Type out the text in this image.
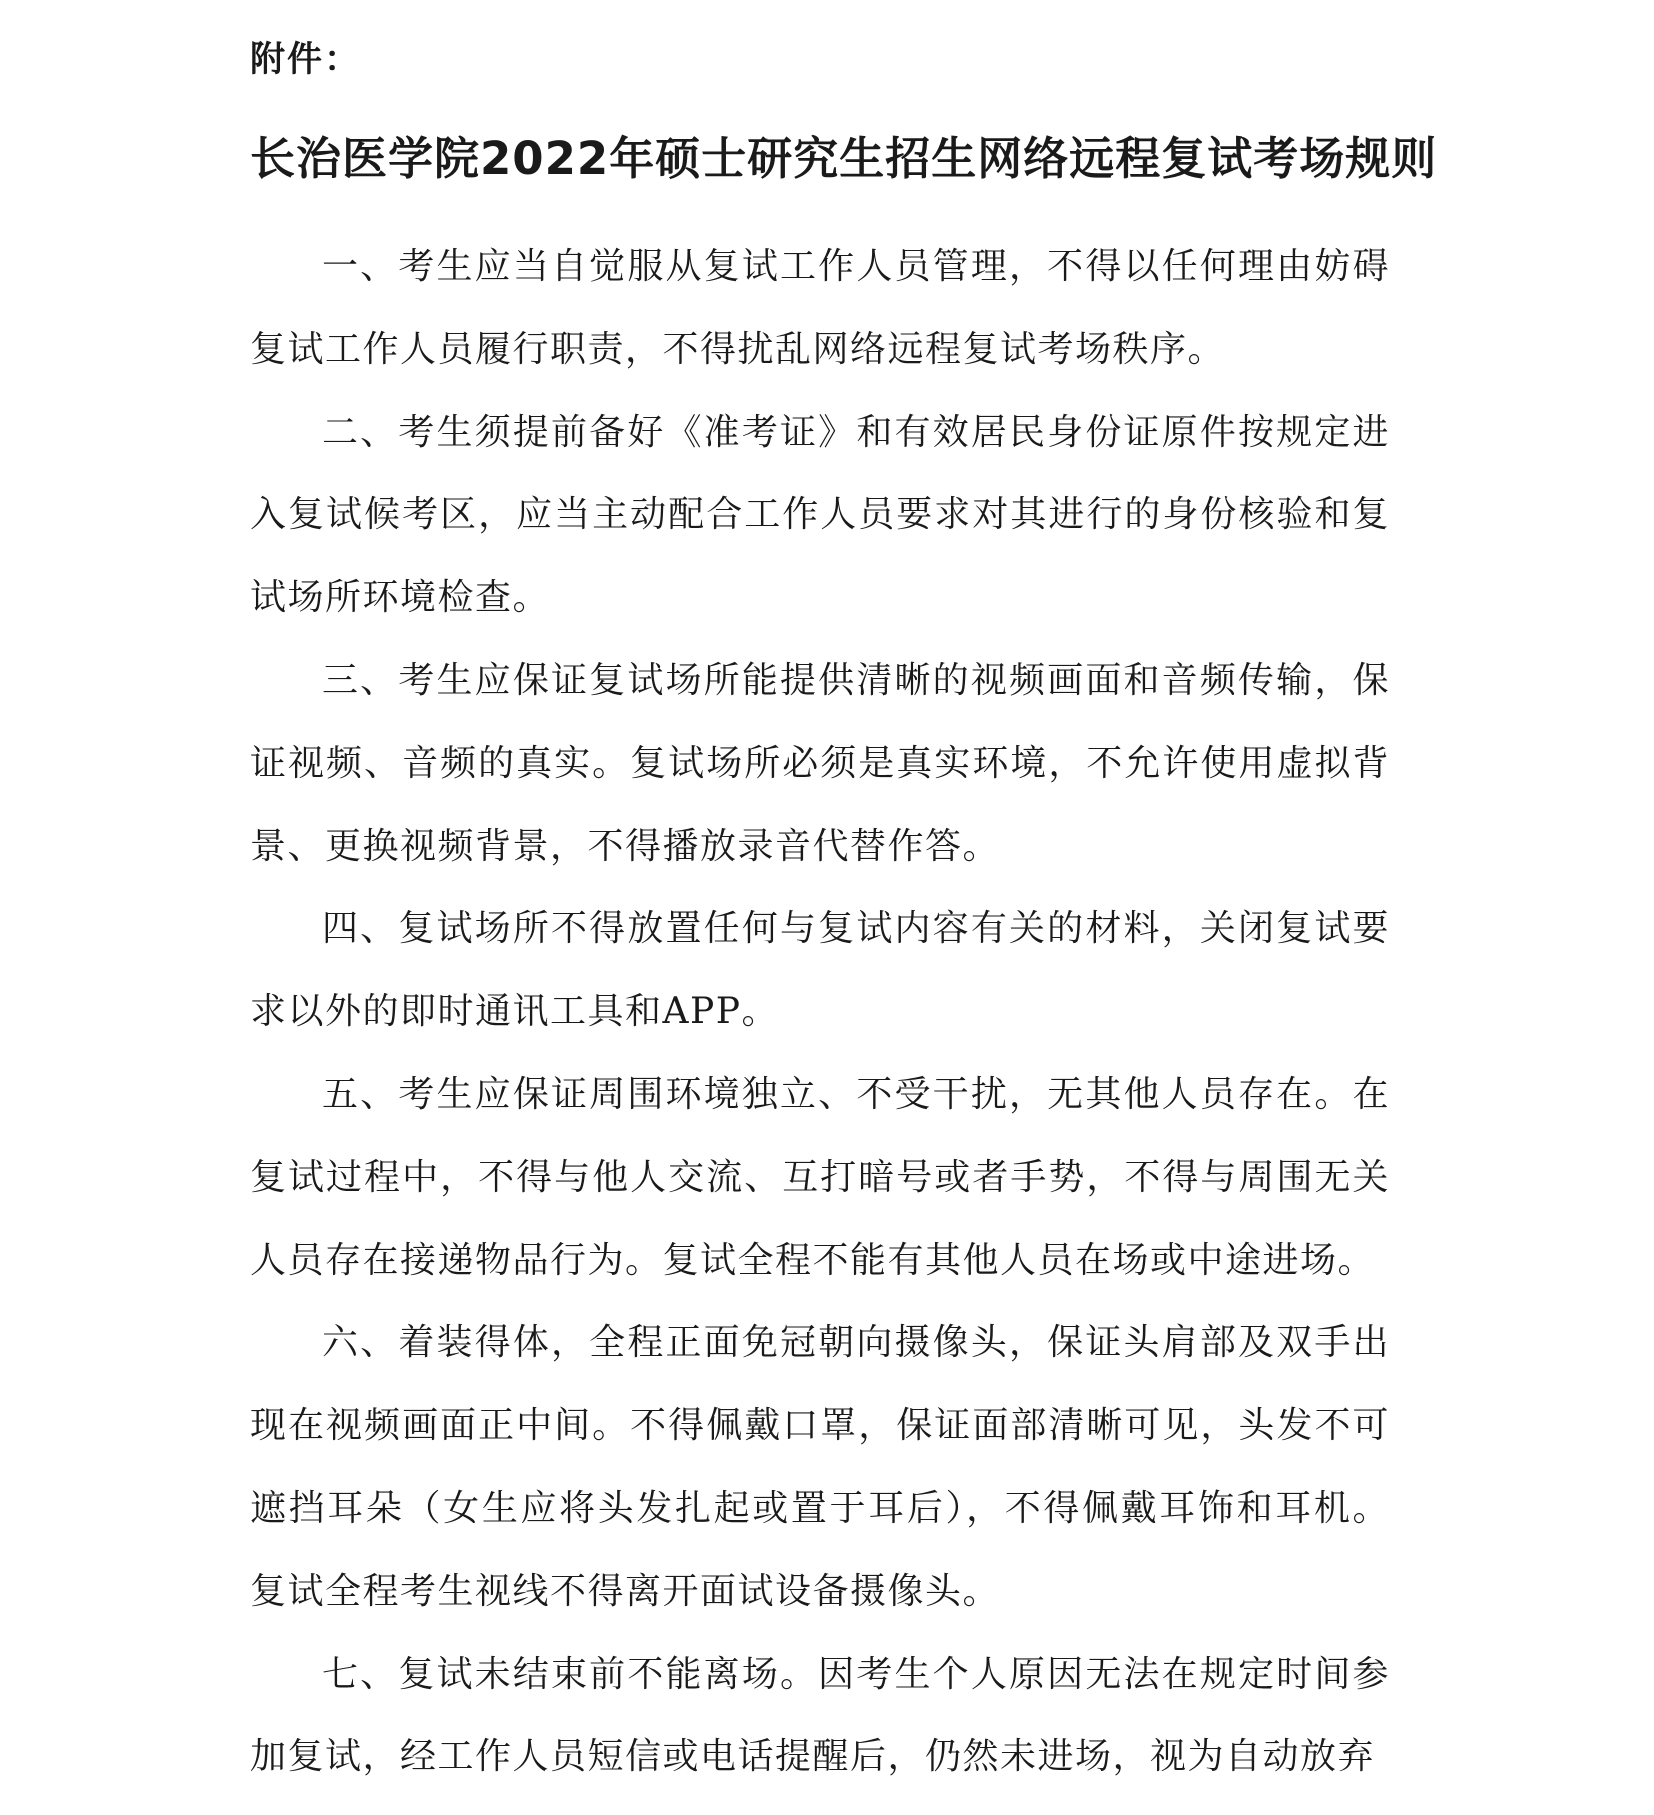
附件：
长治医学院2022年硕士研究生招生网络远程复试考场规则

一、考生应当自觉服从复试工作人员管理，不得以任何理由妨碍复试工作人员履行职责，不得扰乱网络远程复试考场秩序。

二、考生须提前备好《准考证》和有效居民身份证原件按规定进入复试候考区，应当主动配合工作人员要求对其进行的身份核验和复试场所环境检查。

三、考生应保证复试场所能提供清晰的视频画面和音频传输，保证视频、音频的真实。复试场所必须是真实环境，不允许使用虚拟背景、更换视频背景，不得播放录音代替作答。

四、复试场所不得放置任何与复试内容有关的材料，关闭复试要求以外的即时通讯工具和APP。

五、考生应保证周围环境独立、不受干扰，无其他人员存在。在复试过程中，不得与他人交流、互打暗号或者手势，不得与周围无关人员存在接递物品行为。复试全程不能有其他人员在场或中途进场。

六、着装得体，全程正面免冠朝向摄像头，保证头肩部及双手出现在视频画面正中间。不得佩戴口罩，保证面部清晰可见，头发不可遮挡耳朵（女生应将头发扎起或置于耳后），不得佩戴耳饰和耳机。复试全程考生视线不得离开面试设备摄像头。

七、复试未结束前不能离场。因考生个人原因无法在规定时间参加复试，经工作人员短信或电话提醒后，仍然未进场，视为自动放弃
